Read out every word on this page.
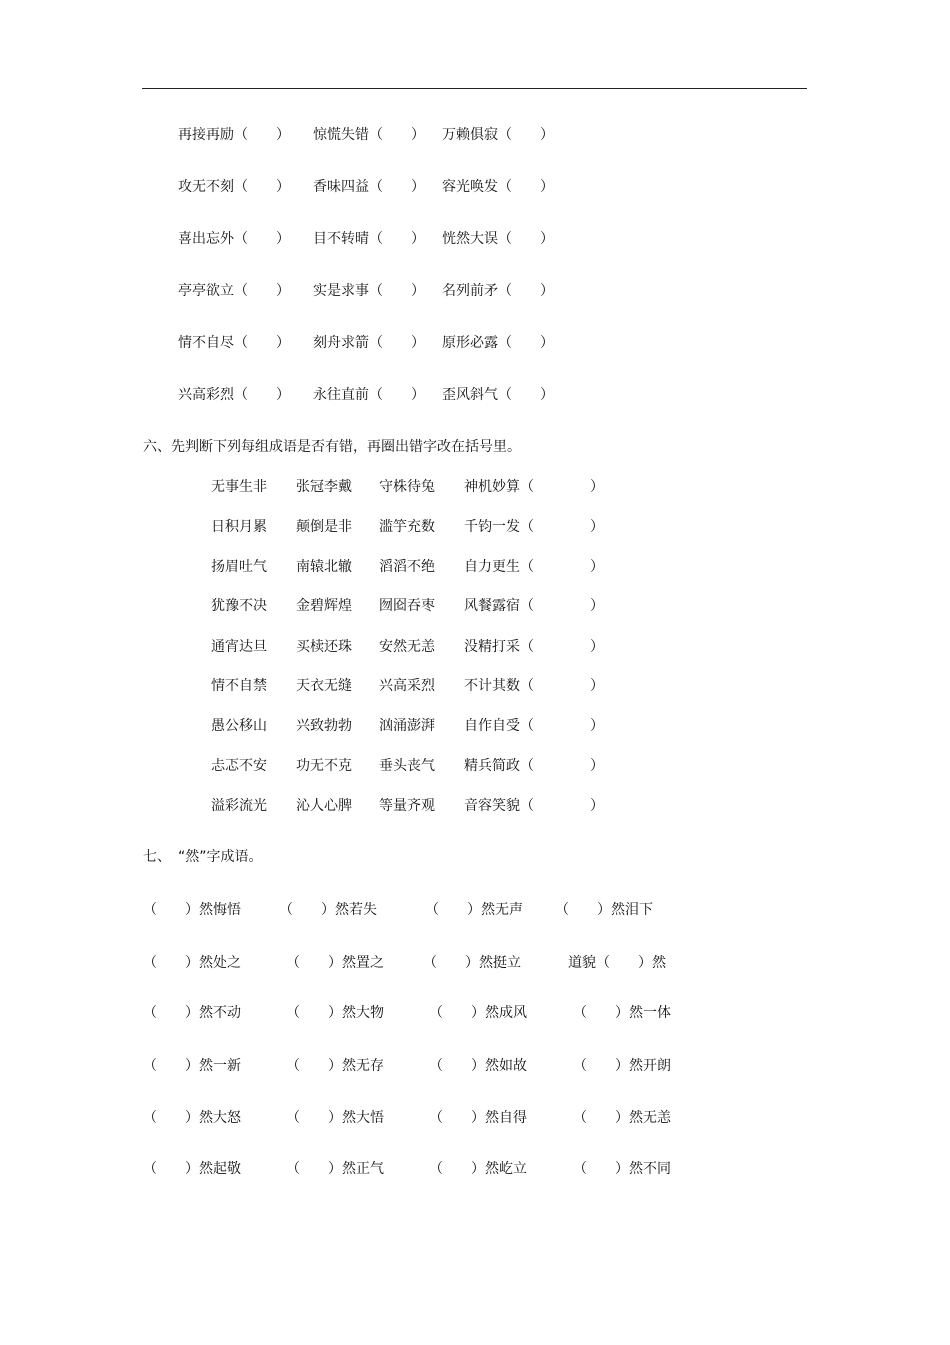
再接再励（　　） 惊慌失错（　　） 万赖俱寂（　　）
攻无不刻（　　） 香味四益（　　） 容光唤发（　　）
喜出忘外（　　） 目不转晴（　　） 恍然大误（　　）
亭亭欲立（　　） 实是求事（　　） 名列前矛（　　）
情不自尽（　　） 刻舟求箭（　　） 原形必露（　　）
兴高彩烈（　　） 永往直前（　　） 歪风斜气（　　）
六、先判断下列每组成语是否有错，再圈出错字改在括号里。
无事生非 张冠李戴 守株待兔 神机妙算（　　　　）
日积月累 颠倒是非 滥竽充数 千钧一发（　　　　）
扬眉吐气 南辕北辙 滔滔不绝 自力更生（　　　　）
犹豫不决 金碧辉煌 囫囵吞枣 风餐露宿（　　　　）
通宵达旦 买椟还珠 安然无恙 没精打采（　　　　）
情不自禁 天衣无缝 兴高采烈 不计其数（　　　　）
愚公移山 兴致勃勃 汹涌澎湃 自作自受（　　　　）
忐忑不安 功无不克 垂头丧气 精兵简政（　　　　）
溢彩流光 沁人心脾 等量齐观 音容笑貌（　　　　）
七、　“然”字成语。
（　　）然悔悟	（　　）然若失	（　　）然无声 （　　）然泪下
（　　）然处之	（　　）然置之	（　　）然挺立	道貌（　　）然
（　　）然不动	（　　）然大物	（　　）然成风	（　　）然一体
（　　）然一新	（　　）然无存	（　　）然如故	（　　）然开朗
（　　）然大怒	（　　）然大悟	（　　）然自得	（　　）然无恙
（　　）然起敬	（　　）然正气	（　　）然屹立	（　　）然不同
